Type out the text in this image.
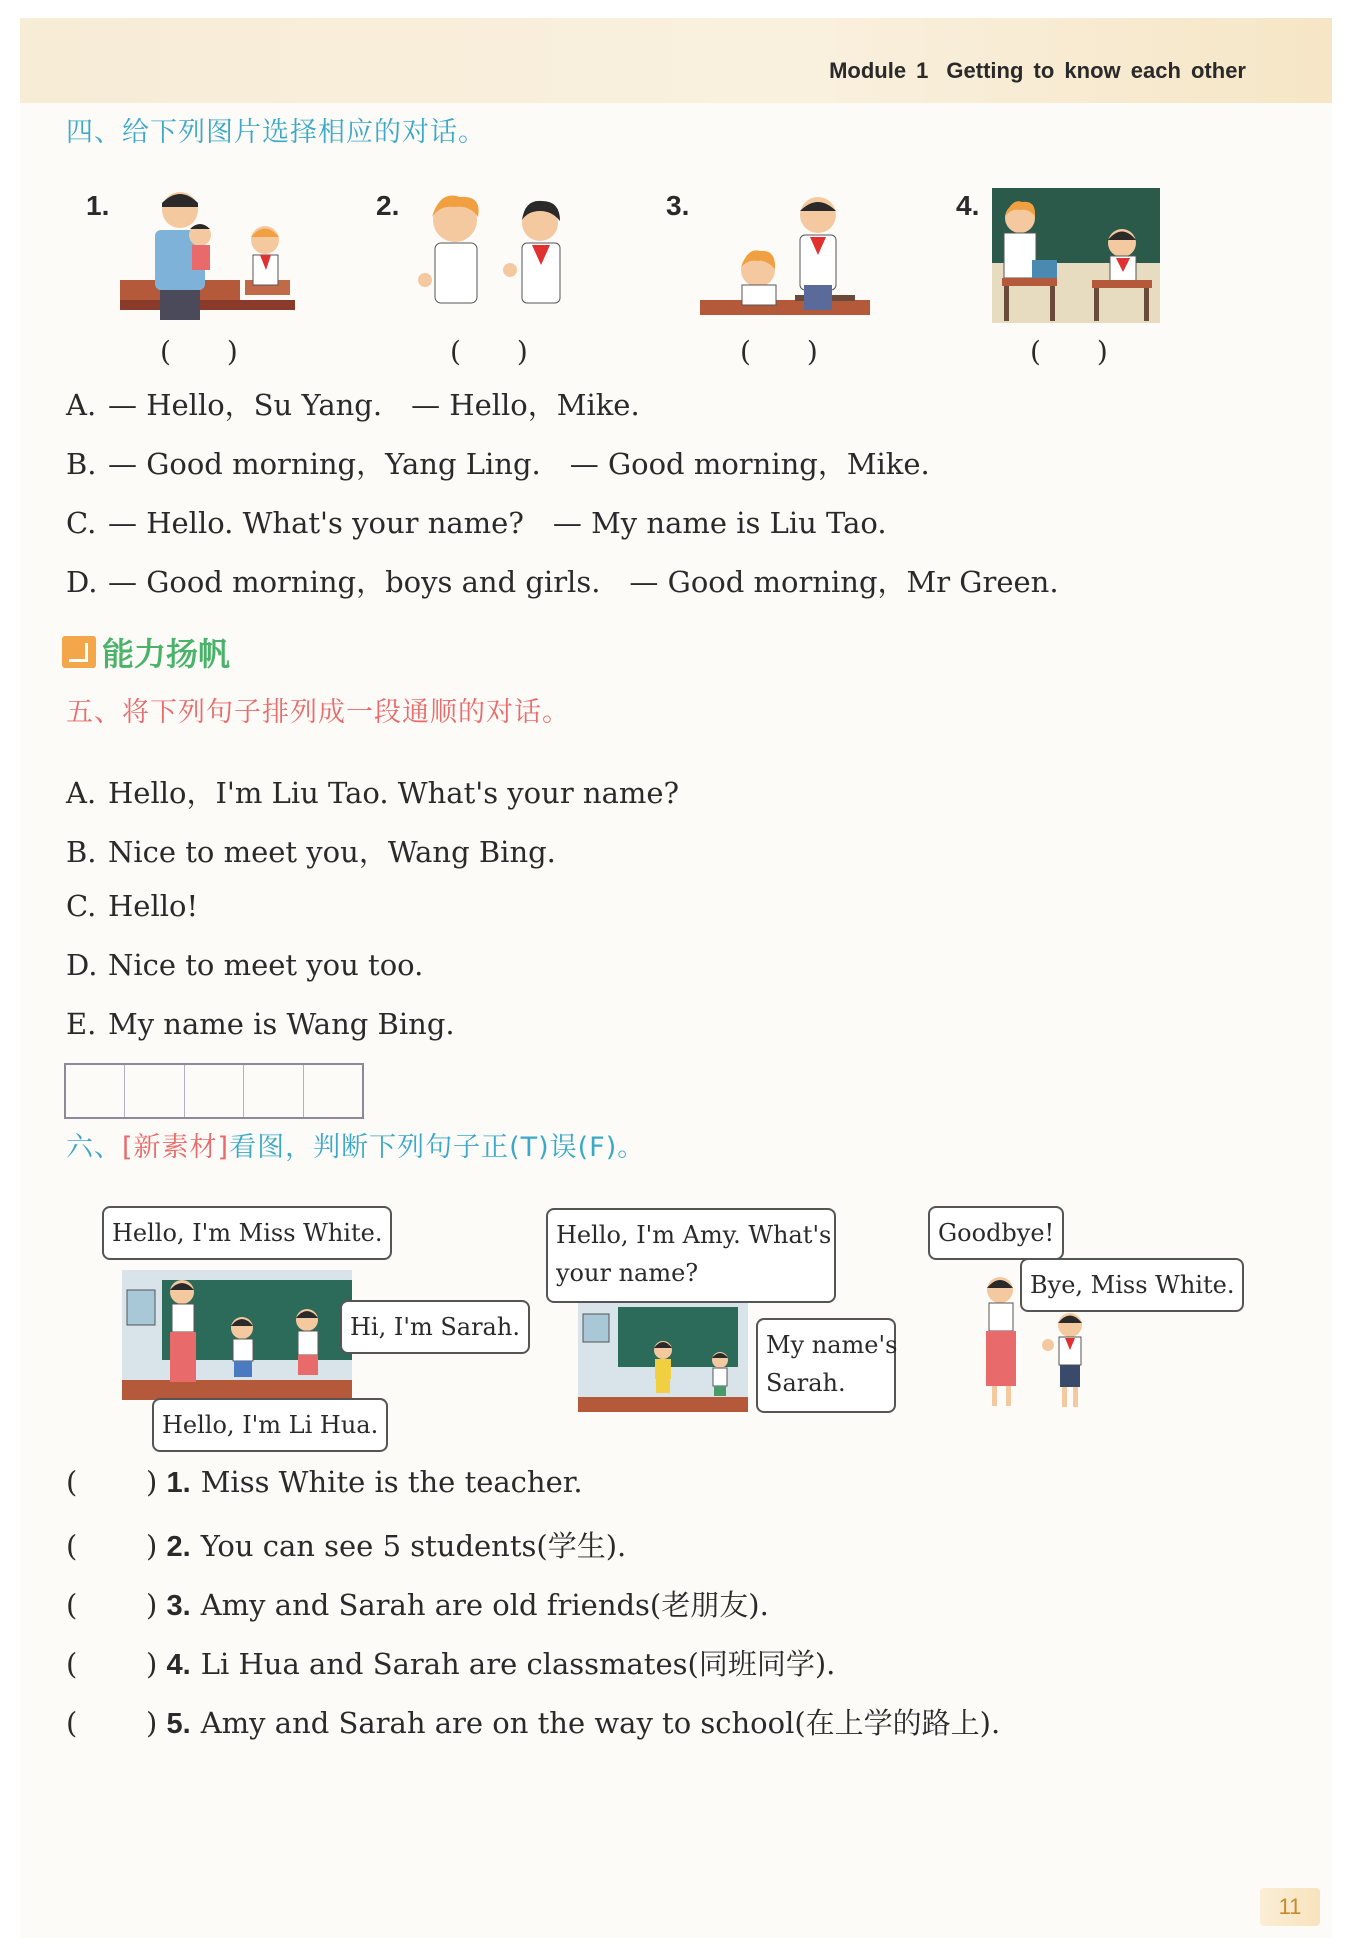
Module 1 Getting to know each other
四、给下列图片选择相应的对话。
1.	2.	3.	4.
(　　)	(　　)	(　　)	(　　)
A. — Hello，Su Yang.　— Hello，Mike.
B. — Good morning，Yang Ling.　— Good morning，Mike.
C. — Hello. What's your name?　— My name is Liu Tao.
D. — Good morning，boys and girls.　— Good morning，Mr Green.
能力扬帆
五、将下列句子排列成一段通顺的对话。
A. Hello，I'm Liu Tao. What's your name?
B. Nice to meet you，Wang Bing.
C. Hello!
D. Nice to meet you too.
E. My name is Wang Bing.
六、[新素材]看图，判断下列句子正(T)误(F)。
Hello, I'm Miss White.
Hi, I'm Sarah.
Hello, I'm Li Hua.
Hello, I'm Amy. What's
your name?
My name's
Sarah.
Goodbye!
Bye, Miss White.
( ) 1. Miss White is the teacher.
( ) 2. You can see 5 students(学生).
( ) 3. Amy and Sarah are old friends(老朋友).
( ) 4. Li Hua and Sarah are classmates(同班同学).
( ) 5. Amy and Sarah are on the way to school(在上学的路上).
11
